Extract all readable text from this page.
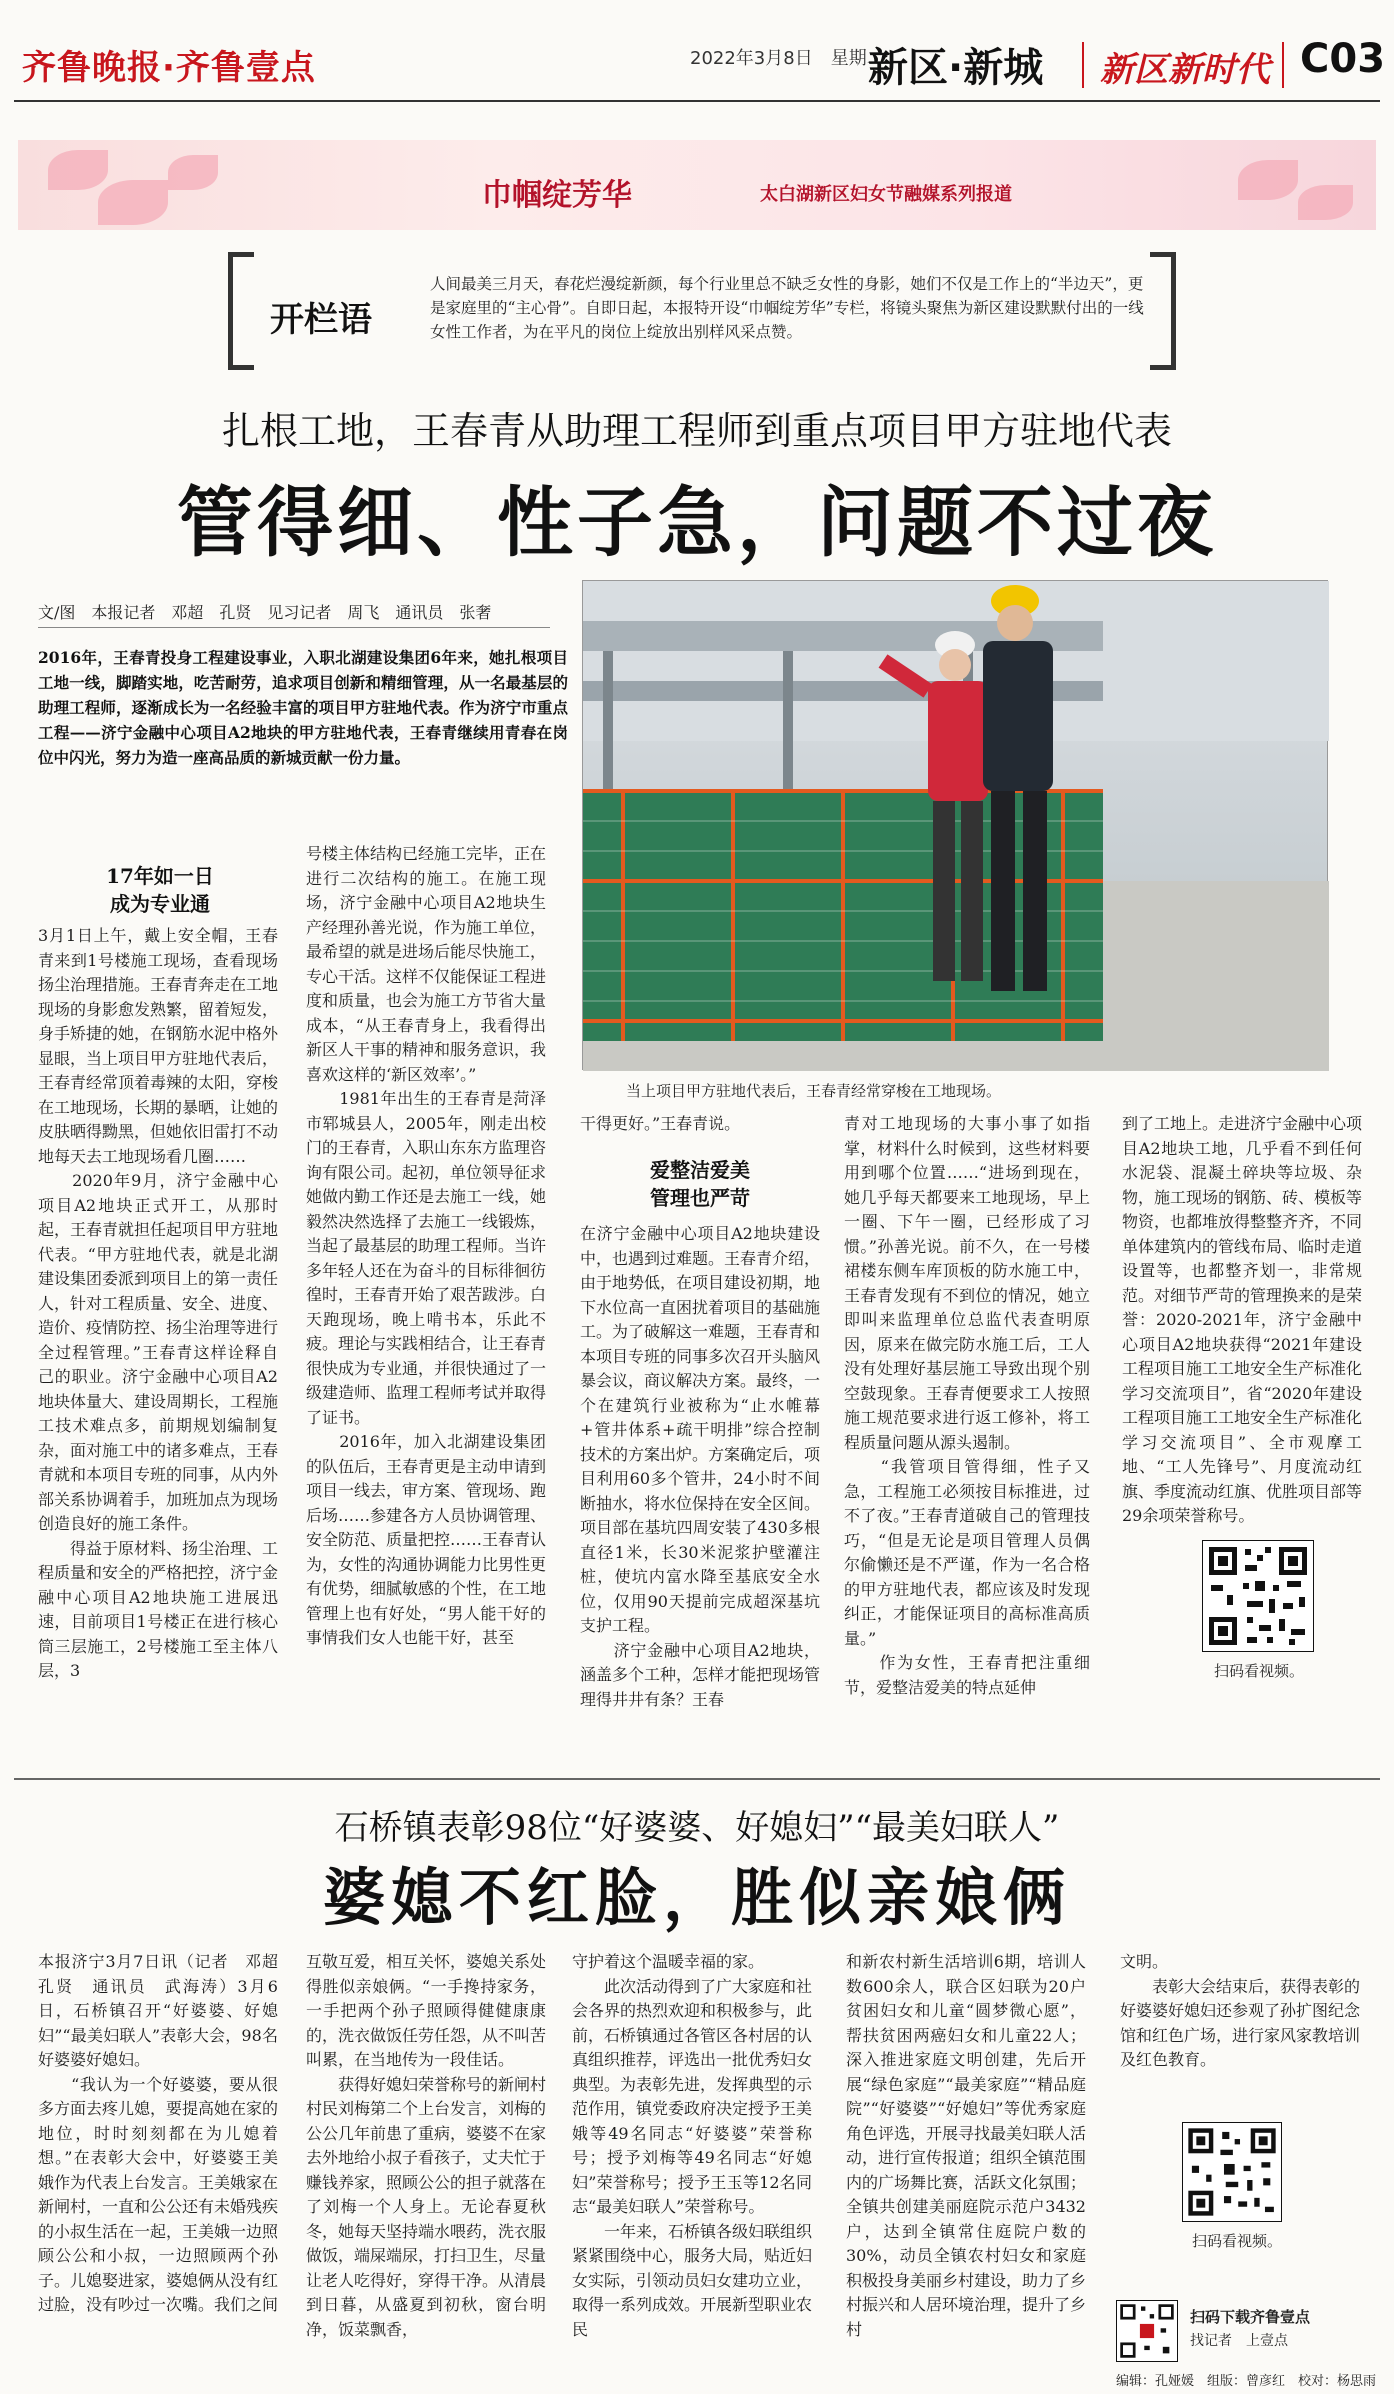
齐鲁晚报·齐鲁壹点	2022年3月8日　星期二
新区·新城 新区新时代 C03
巾帼绽芳华	太白湖新区妇女节融媒系列报道
开栏语
人间最美三月天，春花烂漫绽新颜，每个行业里总不缺乏女性的身影，她们不仅是工作上的“半边天”，更是家庭里的“主心骨”。自即日起，本报特开设“巾帼绽芳华”专栏，将镜头聚焦为新区建设默默付出的一线女性工作者，为在平凡的岗位上绽放出别样风采点赞。
扎根工地，王春青从助理工程师到重点项目甲方驻地代表
管得细、性子急，问题不过夜
文/图　本报记者　邓超　孔贤　见习记者　周飞　通讯员　张奢
2016年，王春青投身工程建设事业，入职北湖建设集团6年来，她扎根项目工地一线，脚踏实地，吃苦耐劳，追求项目创新和精细管理，从一名最基层的助理工程师，逐渐成长为一名经验丰富的项目甲方驻地代表。作为济宁市重点工程——济宁金融中心项目A2地块的甲方驻地代表，王春青继续用青春在岗位中闪光，努力为造一座高品质的新城贡献一份力量。
当上项目甲方驻地代表后，王春青经常穿梭在工地现场。
17年如一日
成为专业通
3月1日上午，戴上安全帽，王春青来到1号楼施工现场，查看现场扬尘治理措施。王春青奔走在工地现场的身影愈发熟繁，留着短发，身手矫捷的她，在钢筋水泥中格外显眼，当上项目甲方驻地代表后，王春青经常顶着毒辣的太阳，穿梭在工地现场，长期的暴晒，让她的皮肤晒得黝黑，但她依旧雷打不动地每天去工地现场看几圈……
　　2020年9月，济宁金融中心项目A2地块正式开工，从那时起，王春青就担任起项目甲方驻地代表。“甲方驻地代表，就是北湖建设集团委派到项目上的第一责任人，针对工程质量、安全、进度、造价、疫情防控、扬尘治理等进行全过程管理。”王春青这样诠释自己的职业。济宁金融中心项目A2地块体量大、建设周期长，工程施工技术难点多，前期规划编制复杂，面对施工中的诸多难点，王春青就和本项目专班的同事，从内外部关系协调着手，加班加点为现场创造良好的施工条件。
　　得益于原材料、扬尘治理、工程质量和安全的严格把控，济宁金融中心项目A2地块施工进展迅速，目前项目1号楼正在进行核心筒三层施工，2号楼施工至主体八层，3
号楼主体结构已经施工完毕，正在进行二次结构的施工。在施工现场，济宁金融中心项目A2地块生产经理孙善光说，作为施工单位，最希望的就是进场后能尽快施工，专心干活。这样不仅能保证工程进度和质量，也会为施工方节省大量成本，“从王春青身上，我看得出新区人干事的精神和服务意识，我喜欢这样的‘新区效率’。”
　　1981年出生的王春青是菏泽市郓城县人，2005年，刚走出校门的王春青，入职山东东方监理咨询有限公司。起初，单位领导征求她做内勤工作还是去施工一线，她毅然决然选择了去施工一线锻炼，当起了最基层的助理工程师。当许多年轻人还在为奋斗的目标徘徊彷徨时，王春青开始了艰苦跋涉。白天跑现场，晚上啃书本，乐此不疲。理论与实践相结合，让王春青很快成为专业通，并很快通过了一级建造师、监理工程师考试并取得了证书。
　　2016年，加入北湖建设集团的队伍后，王春青更是主动申请到项目一线去，审方案、管现场、跑后场……参建各方人员协调管理、安全防范、质量把控……王春青认为，女性的沟通协调能力比男性更有优势，细腻敏感的个性，在工地管理上也有好处，“男人能干好的事情我们女人也能干好，甚至
干得更好。”王春青说。
爱整洁爱美
管理也严苛
在济宁金融中心项目A2地块建设中，也遇到过难题。王春青介绍，由于地势低，在项目建设初期，地下水位高一直困扰着项目的基础施工。为了破解这一难题，王春青和本项目专班的同事多次召开头脑风暴会议，商议解决方案。最终，一个在建筑行业被称为“止水帷幕+管井体系+疏干明排”综合控制技术的方案出炉。方案确定后，项目利用60多个管井，24小时不间断抽水，将水位保持在安全区间。项目部在基坑四周安装了430多根直径1米，长30米泥浆护壁灌注桩，使坑内富水降至基底安全水位，仅用90天提前完成超深基坑支护工程。
　　济宁金融中心项目A2地块，涵盖多个工种，怎样才能把现场管理得井井有条？王春
青对工地现场的大事小事了如指掌，材料什么时候到，这些材料要用到哪个位置……“进场到现在，她几乎每天都要来工地现场，早上一圈、下午一圈，已经形成了习惯。”孙善光说。前不久，在一号楼裙楼东侧车库顶板的防水施工中，王春青发现有不到位的情况，她立即叫来监理单位总监代表查明原因，原来在做完防水施工后，工人没有处理好基层施工导致出现个别空鼓现象。王春青便要求工人按照施工规范要求进行返工修补，将工程质量问题从源头遏制。
　　“我管项目管得细，性子又急，工程施工必须按目标推进，过不了夜。”王春青道破自己的管理技巧，“但是无论是项目管理人员偶尔偷懒还是不严谨，作为一名合格的甲方驻地代表，都应该及时发现纠正，才能保证项目的高标准高质量。”
　　作为女性，王春青把注重细节，爱整洁爱美的特点延伸
到了工地上。走进济宁金融中心项目A2地块工地，几乎看不到任何水泥袋、混凝土碎块等垃圾、杂物，施工现场的钢筋、砖、模板等物资，也都堆放得整整齐齐，不同单体建筑内的管线布局、临时走道设置等，也都整齐划一，非常规范。对细节严苛的管理换来的是荣誉：2020-2021年，济宁金融中心项目A2地块获得“2021年建设工程项目施工工地安全生产标准化学习交流项目”，省“2020年建设工程项目施工工地安全生产标准化学习交流项目”、全市观摩工地、“工人先锋号”、月度流动红旗、季度流动红旗、优胜项目部等29余项荣誉称号。
扫码看视频。
石桥镇表彰98位“好婆婆、好媳妇”“最美妇联人”
婆媳不红脸，胜似亲娘俩
本报济宁3月7日讯（记者　邓超　孔贤　通讯员　武海涛）3月6日，石桥镇召开“好婆婆、好媳妇”“最美妇联人”表彰大会，98名好婆婆好媳妇。
　　“我认为一个好婆婆，要从很多方面去疼儿媳，要提高她在家的地位，时时刻刻都在为儿媳着想。”在表彰大会中，好婆婆王美娥作为代表上台发言。王美娥家在新闸村，一直和公公还有未婚残疾的小叔生活在一起，王美娥一边照顾公公和小叔，一边照顾两个孙子。儿媳娶进家，婆媳俩从没有红过脸，没有吵过一次嘴。我们之间
互敬互爱，相互关怀，婆媳关系处得胜似亲娘俩。“一手搀持家务，一手把两个孙子照顾得健健康康的，洗衣做饭任劳任怨，从不叫苦叫累，在当地传为一段佳话。
　　获得好媳妇荣誉称号的新闸村村民刘梅第二个上台发言，刘梅的公公几年前患了重病，婆婆不在家去外地给小叔子看孩子，丈夫忙于赚钱养家，照顾公公的担子就落在了刘梅一个人身上。无论春夏秋冬，她每天坚持端水喂药，洗衣服做饭，端屎端尿，打扫卫生，尽量让老人吃得好，穿得干净。从清晨到日暮，从盛夏到初秋，窗台明净，饭菜飘香，
守护着这个温暖幸福的家。
　　此次活动得到了广大家庭和社会各界的热烈欢迎和积极参与，此前，石桥镇通过各管区各村居的认真组织推荐，评选出一批优秀妇女典型。为表彰先进，发挥典型的示范作用，镇党委政府决定授予王美娥等49名同志“好婆婆”荣誉称号；授予刘梅等49名同志“好媳妇”荣誉称号；授予王玉等12名同志“最美妇联人”荣誉称号。
　　一年来，石桥镇各级妇联组织紧紧围绕中心，服务大局，贴近妇女实际，引领动员妇女建功立业，取得一系列成效。开展新型职业农民
和新农村新生活培训6期，培训人数600余人，联合区妇联为20户贫困妇女和儿童“圆梦微心愿”，帮扶贫困两癌妇女和儿童22人；深入推进家庭文明创建，先后开展“绿色家庭”“最美家庭”“精品庭院”“好婆婆”“好媳妇”等优秀家庭角色评选，开展寻找最美妇联人活动，进行宣传报道；组织全镇范围内的广场舞比赛，活跃文化氛围；全镇共创建美丽庭院示范户3432户，达到全镇常住庭院户数的30%，动员全镇农村妇女和家庭积极投身美丽乡村建设，助力了乡村振兴和人居环境治理，提升了乡村
文明。
　　表彰大会结束后，获得表彰的好婆婆好媳妇还参观了孙扩图纪念馆和红色广场，进行家风家教培训及红色教育。
扫码看视频。
扫码下载齐鲁壹点
找记者　上壹点
编辑：孔娅媛　组版：曾彦红　校对：杨思雨
